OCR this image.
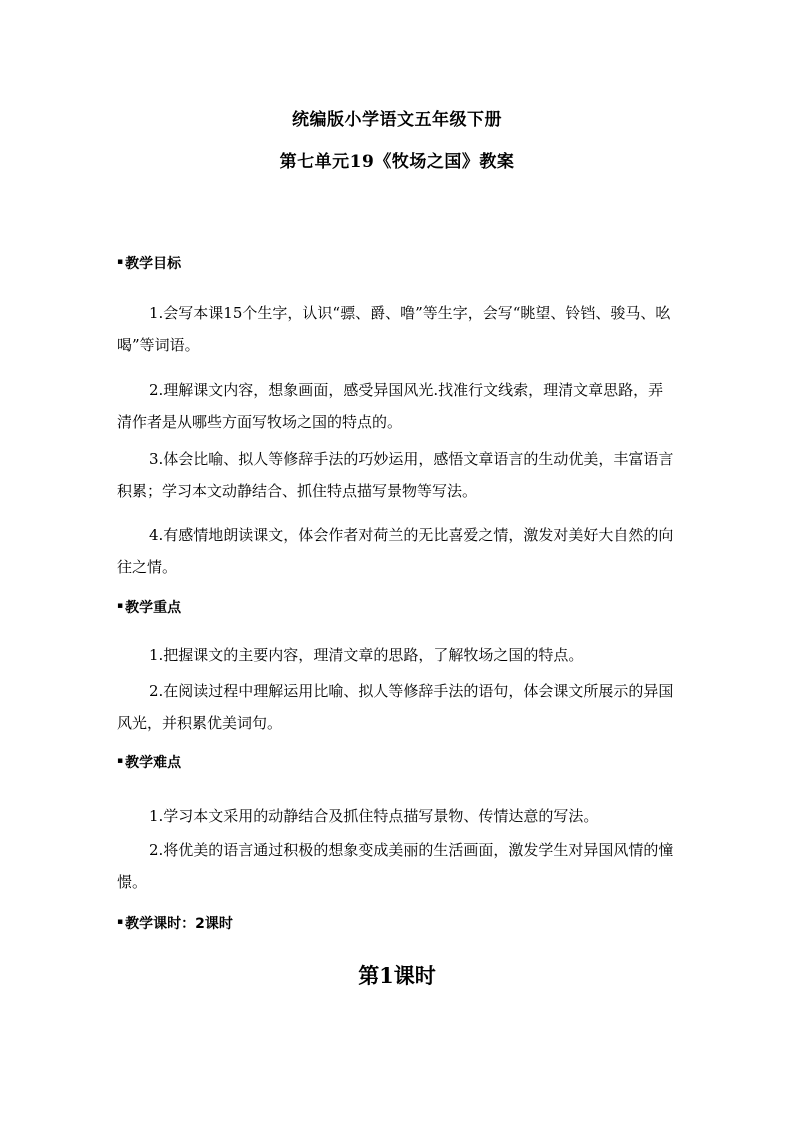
统编版小学语文五年级下册
第七单元19《牧场之国》教案
▪ 教学目标
1.会写本课15个生字，认识“骠、爵、噜”等生字，会写“眺望、铃铛、骏马、吆喝”等词语。
2.理解课文内容，想象画面，感受异国风光.找准行文线索，理清文章思路，弄清作者是从哪些方面写牧场之国的特点的。
3.体会比喻、拟人等修辞手法的巧妙运用，感悟文章语言的生动优美，丰富语言积累；学习本文动静结合、抓住特点描写景物等写法。
4.有感情地朗读课文，体会作者对荷兰的无比喜爱之情，激发对美好大自然的向往之情。
▪ 教学重点
1.把握课文的主要内容，理清文章的思路，了解牧场之国的特点。
2.在阅读过程中理解运用比喻、拟人等修辞手法的语句，体会课文所展示的异国风光，并积累优美词句。
▪ 教学难点
1.学习本文采用的动静结合及抓住特点描写景物、传情达意的写法。
2.将优美的语言通过积极的想象变成美丽的生活画面，激发学生对异国风情的憧憬。
▪ 教学课时：2课时
第1课时
